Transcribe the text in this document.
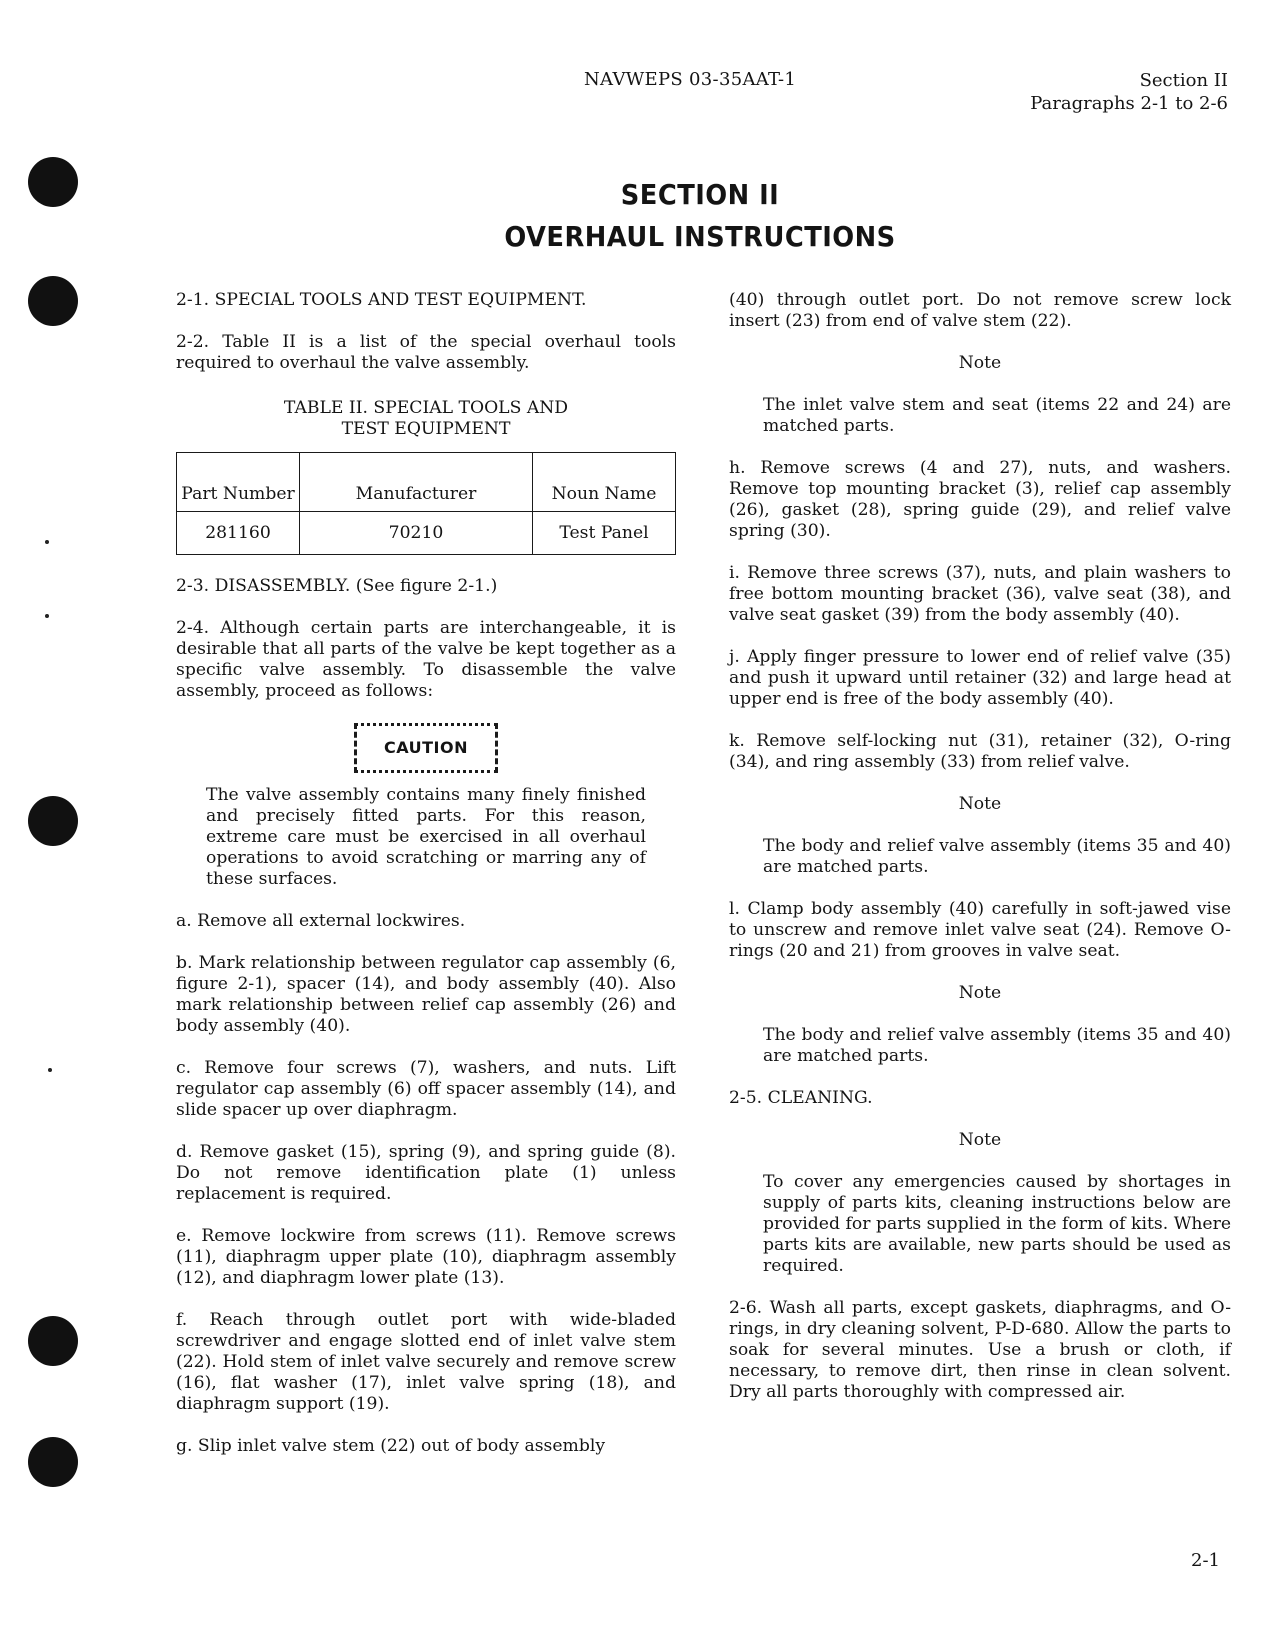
NAVWEPS 03-35AAT-1	Section II
Paragraphs 2-1 to 2-6
SECTION II
OVERHAUL INSTRUCTIONS

2-1. SPECIAL TOOLS AND TEST EQUIPMENT.

2-2. Table II is a list of the special overhaul tools required to overhaul the valve assembly.

TABLE II. SPECIAL TOOLS AND
TEST EQUIPMENT
Part Number	Manufacturer	Noun Name
281160	70210	Test Panel

2-3. DISASSEMBLY. (See figure 2-1.)

2-4. Although certain parts are interchangeable, it is desirable that all parts of the valve be kept together as a specific valve assembly. To disassemble the valve assembly, proceed as follows:

CAUTION

The valve assembly contains many finely finished and precisely fitted parts. For this reason, extreme care must be exercised in all overhaul operations to avoid scratching or marring any of these surfaces.

a. Remove all external lockwires.

b. Mark relationship between regulator cap assembly (6, figure 2-1), spacer (14), and body assembly (40). Also mark relationship between relief cap assembly (26) and body assembly (40).

c. Remove four screws (7), washers, and nuts. Lift regulator cap assembly (6) off spacer assembly (14), and slide spacer up over diaphragm.

d. Remove gasket (15), spring (9), and spring guide (8). Do not remove identification plate (1) unless replacement is required.

e. Remove lockwire from screws (11). Remove screws (11), diaphragm upper plate (10), diaphragm assembly (12), and diaphragm lower plate (13).

f. Reach through outlet port with wide-bladed screwdriver and engage slotted end of inlet valve stem (22). Hold stem of inlet valve securely and remove screw (16), flat washer (17), inlet valve spring (18), and diaphragm support (19).

g. Slip inlet valve stem (22) out of body assembly

(40) through outlet port. Do not remove screw lock insert (23) from end of valve stem (22).

Note

The inlet valve stem and seat (items 22 and 24) are matched parts.

h. Remove screws (4 and 27), nuts, and washers. Remove top mounting bracket (3), relief cap assembly (26), gasket (28), spring guide (29), and relief valve spring (30).

i. Remove three screws (37), nuts, and plain washers to free bottom mounting bracket (36), valve seat (38), and valve seat gasket (39) from the body assembly (40).

j. Apply finger pressure to lower end of relief valve (35) and push it upward until retainer (32) and large head at upper end is free of the body assembly (40).

k. Remove self-locking nut (31), retainer (32), O-ring (34), and ring assembly (33) from relief valve.

Note

The body and relief valve assembly (items 35 and 40) are matched parts.

l. Clamp body assembly (40) carefully in soft-jawed vise to unscrew and remove inlet valve seat (24). Remove O-rings (20 and 21) from grooves in valve seat.

Note

The body and relief valve assembly (items 35 and 40) are matched parts.

2-5. CLEANING.

Note

To cover any emergencies caused by shortages in supply of parts kits, cleaning instructions below are provided for parts supplied in the form of kits. Where parts kits are available, new parts should be used as required.

2-6. Wash all parts, except gaskets, diaphragms, and O-rings, in dry cleaning solvent, P-D-680. Allow the parts to soak for several minutes. Use a brush or cloth, if necessary, to remove dirt, then rinse in clean solvent. Dry all parts thoroughly with compressed air.

2-1
